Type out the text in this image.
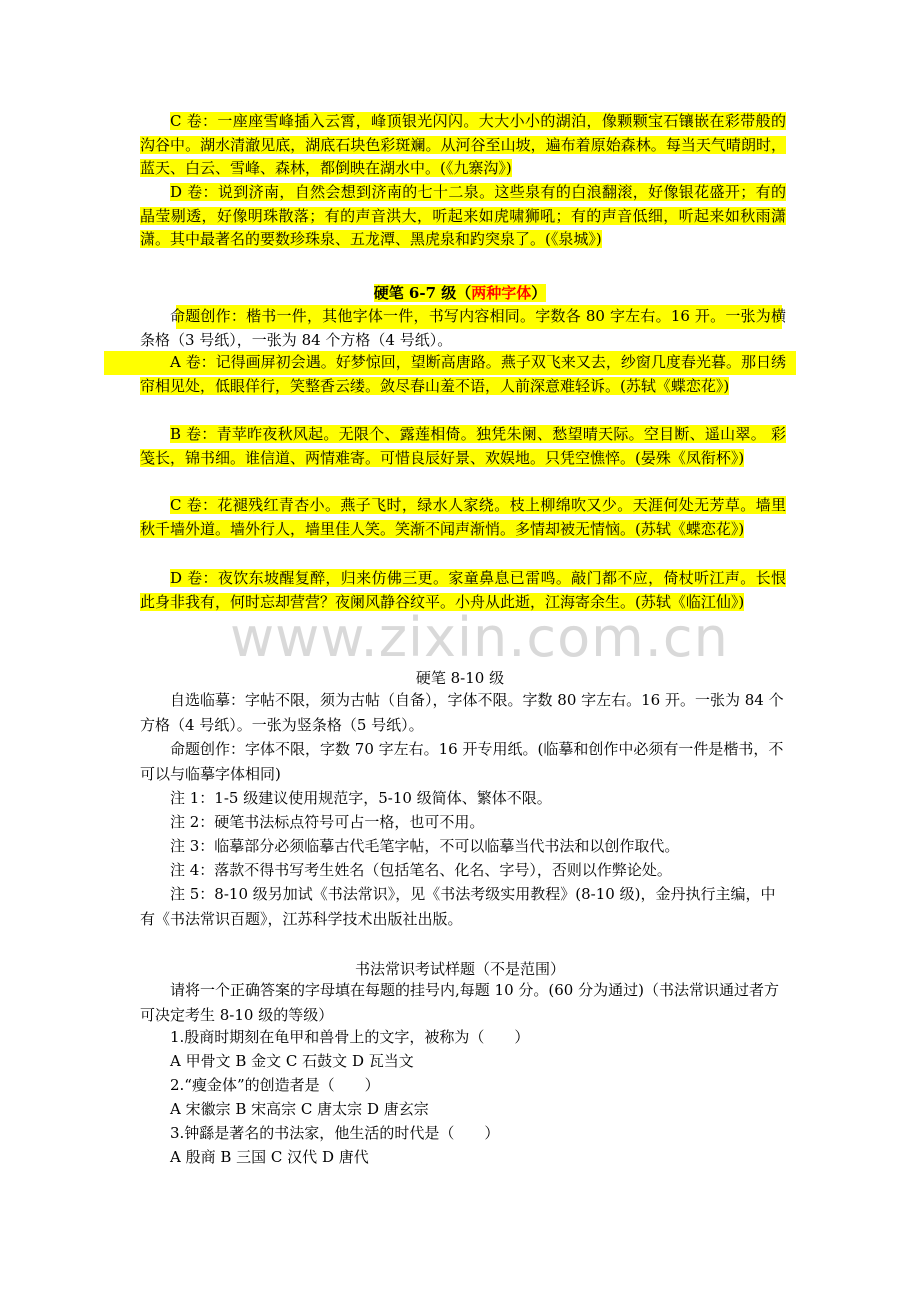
C 卷：一座座雪峰插入云霄，峰顶银光闪闪。大大小小的湖泊，像颗颗宝石镶嵌在彩带般的沟谷中。湖水清澈见底，湖底石块色彩斑斓。从河谷至山坡，遍布着原始森林。每当天气晴朗时，蓝天、白云、雪峰、森林，都倒映在湖水中。(《九寨沟》)
D 卷：说到济南，自然会想到济南的七十二泉。这些泉有的白浪翻滚，好像银花盛开；有的晶莹剔透，好像明珠散落；有的声音洪大，听起来如虎啸狮吼；有的声音低细，听起来如秋雨潇潇。其中最著名的要数珍珠泉、五龙潭、黑虎泉和趵突泉了。(《泉城》)
硬笔 6-7 级（两种字体）
命题创作：楷书一件，其他字体一件，书写内容相同。字数各 80 字左右。16 开。一张为横条格（3 号纸），一张为 84 个方格（4 号纸）。
A 卷：记得画屏初会遇。好梦惊回，望断高唐路。燕子双飞来又去，纱窗几度春光暮。那日绣帘相见处，低眼佯行，笑整香云缕。敛尽春山羞不语，人前深意难轻诉。(苏轼《蝶恋花》)
B 卷：青苹昨夜秋风起。无限个、露莲相倚。独凭朱阑、愁望晴天际。空目断、遥山翠。 彩笺长，锦书细。谁信道、两情难寄。可惜良辰好景、欢娱地。只凭空憔悴。(晏殊《凤衔杯》)
C 卷：花褪残红青杏小。燕子飞时，绿水人家绕。枝上柳绵吹又少。天涯何处无芳草。墙里秋千墙外道。墙外行人，墙里佳人笑。笑渐不闻声渐悄。多情却被无情恼。(苏轼《蝶恋花》)
D 卷：夜饮东坡醒复醉，归来仿佛三更。家童鼻息已雷鸣。敲门都不应，倚杖听江声。长恨此身非我有，何时忘却营营？夜阑风静谷纹平。小舟从此逝，江海寄余生。(苏轼《临江仙》)
www.zixin.com.cn
硬笔 8-10 级
自选临摹：字帖不限，须为古帖（自备），字体不限。字数 80 字左右。16 开。一张为 84 个方格（4 号纸）。一张为竖条格（5 号纸）。
命题创作：字体不限，字数 70 字左右。16 开专用纸。(临摹和创作中必须有一件是楷书，不可以与临摹字体相同)
注 1：1-5 级建议使用规范字，5-10 级简体、繁体不限。
注 2：硬笔书法标点符号可占一格，也可不用。
注 3：临摹部分必须临摹古代毛笔字帖，不可以临摹当代书法和以创作取代。
注 4：落款不得书写考生姓名（包括笔名、化名、字号），否则以作弊论处。
注 5：8-10 级另加试《书法常识》，见《书法考级实用教程》(8-10 级)，金丹执行主编，中有《书法常识百题》，江苏科学技术出版社出版。
书法常识考试样题（不是范围）
请将一个正确答案的字母填在每题的挂号内,每题 10 分。(60 分为通过)（书法常识通过者方可决定考生 8-10 级的等级）
1.殷商时期刻在龟甲和兽骨上的文字，被称为（　　）
A 甲骨文 B 金文 C 石鼓文 D 瓦当文
2.“瘦金体”的创造者是（　　）
A 宋徽宗 B 宋高宗 C 唐太宗 D 唐玄宗
3.钟繇是著名的书法家，他生活的时代是（　　）
A 殷商 B 三国 C 汉代 D 唐代
